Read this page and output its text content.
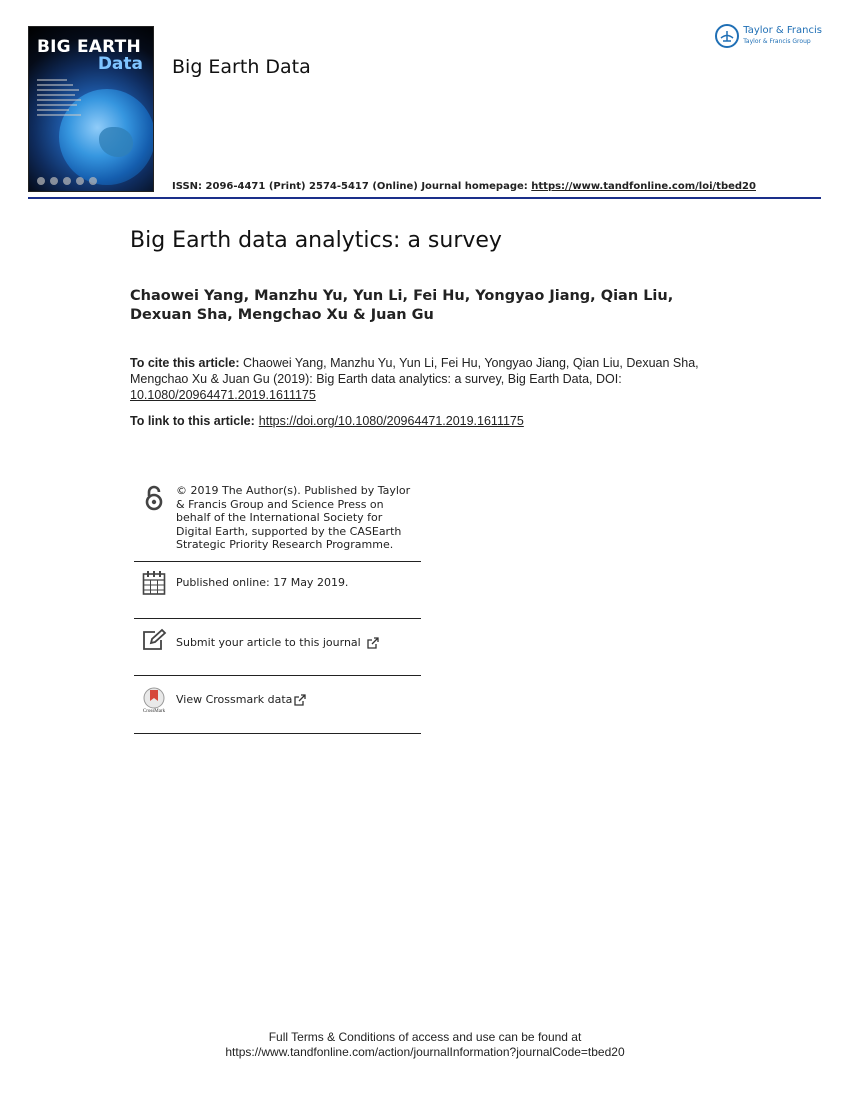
BIG EARTH
Data Big Earth Data
ISSN: 2096-4471 (Print) 2574-5417 (Online) Journal homepage: https://www.tandfonline.com/loi/tbed20
Taylor & Francis
Taylor & Francis Group
Big Earth data analytics: a survey
Chaowei Yang, Manzhu Yu, Yun Li, Fei Hu, Yongyao Jiang, Qian Liu, Dexuan Sha, Mengchao Xu & Juan Gu
To cite this article: Chaowei Yang, Manzhu Yu, Yun Li, Fei Hu, Yongyao Jiang, Qian Liu, Dexuan Sha, Mengchao Xu & Juan Gu (2019): Big Earth data analytics: a survey, Big Earth Data, DOI:
10.1080/20964471.2019.1611175
To link to this article: https://doi.org/10.1080/20964471.2019.1611175
© 2019 The Author(s). Published by Taylor & Francis Group and Science Press on behalf of the International Society for Digital Earth, supported by the CASEarth Strategic Priority Research Programme.
Published online: 17 May 2019.
Submit your article to this journal
CrossMark
View Crossmark data
Full Terms & Conditions of access and use can be found at
https://www.tandfonline.com/action/journalInformation?journalCode=tbed20
